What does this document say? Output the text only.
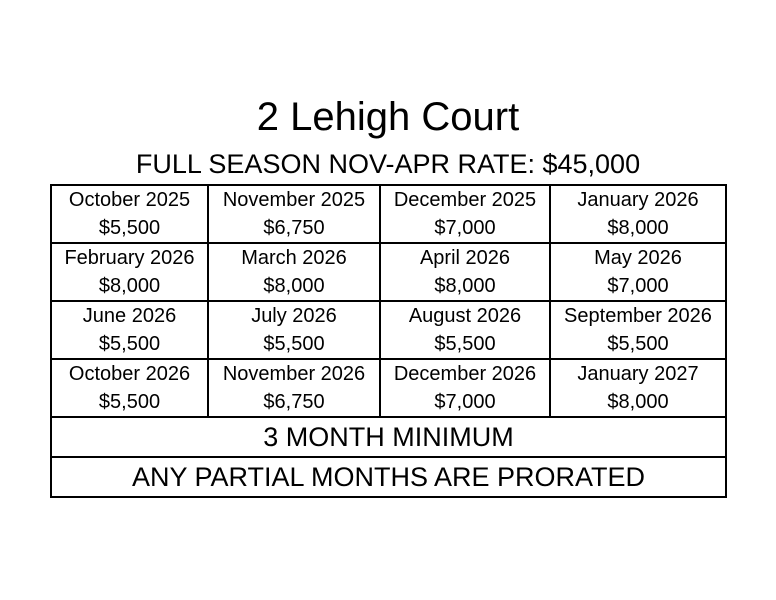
2 Lehigh Court
FULL SEASON NOV-APR RATE: $45,000
October 2025
$5,500	November 2025
$6,750	December 2025
$7,000	January 2026
$8,000

February 2026
$8,000	March 2026
$8,000	April 2026
$8,000	May 2026
$7,000

June 2026
$5,500	July 2026
$5,500	August 2026
$5,500	September 2026
$5,500

October 2026
$5,500	November 2026
$6,750	December 2026
$7,000	January 2027
$8,000

3 MONTH MINIMUM			
ANY PARTIAL MONTHS ARE PRORATED			
